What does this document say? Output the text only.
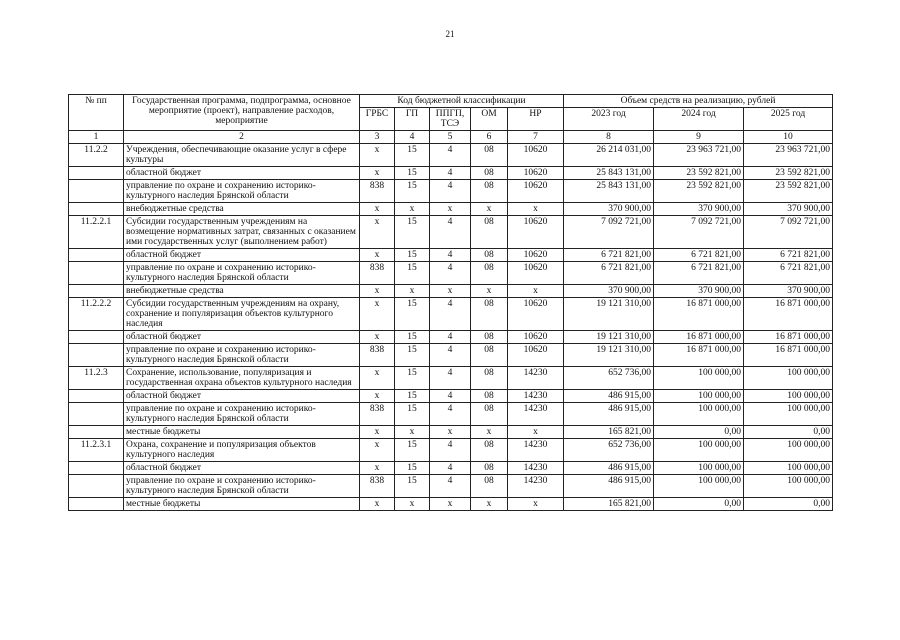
21
№ пп	Государственная программа, подпрограмма, основное мероприятие (проект), направление расходов, мероприятие	Код бюджетной классификации					Объем средств на реализацию, рублей		
		ГРБС	ГП	ППГП, ТСЭ	ОМ	НР	2023 год	2024 год	2025 год
1	2	3	4	5	6	7	8	9	10
11.2.2	Учреждения, обеспечивающие оказание услуг в сфере культуры	х	15	4	08	10620	26 214 031,00	23 963 721,00	23 963 721,00
	областной бюджет	х	15	4	08	10620	25 843 131,00	23 592 821,00	23 592 821,00
	управление по охране и сохранению историко-культурного наследия Брянской области	838	15	4	08	10620	25 843 131,00	23 592 821,00	23 592 821,00
	внебюджетные средства	х	х	х	х	х	370 900,00	370 900,00	370 900,00
11.2.2.1	Субсидии государственным учреждениям на возмещение нормативных затрат, связанных с оказанием ими государственных услуг (выполнением работ)	х	15	4	08	10620	7 092 721,00	7 092 721,00	7 092 721,00
	областной бюджет	х	15	4	08	10620	6 721 821,00	6 721 821,00	6 721 821,00
	управление по охране и сохранению историко-культурного наследия Брянской области	838	15	4	08	10620	6 721 821,00	6 721 821,00	6 721 821,00
	внебюджетные средства	х	х	х	х	х	370 900,00	370 900,00	370 900,00
11.2.2.2	Субсидии государственным учреждениям на охрану, сохранение и популяризация объектов культурного наследия	х	15	4	08	10620	19 121 310,00	16 871 000,00	16 871 000,00
	областной бюджет	х	15	4	08	10620	19 121 310,00	16 871 000,00	16 871 000,00
	управление по охране и сохранению историко-культурного наследия Брянской области	838	15	4	08	10620	19 121 310,00	16 871 000,00	16 871 000,00
11.2.3	Сохранение, использование, популяризация и государственная охрана объектов культурного наследия	х	15	4	08	14230	652 736,00	100 000,00	100 000,00
	областной бюджет	х	15	4	08	14230	486 915,00	100 000,00	100 000,00
	управление по охране и сохранению историко-культурного наследия Брянской области	838	15	4	08	14230	486 915,00	100 000,00	100 000,00
	местные бюджеты	х	х	х	х	х	165 821,00	0,00	0,00
11.2.3.1	Охрана, сохранение и популяризация объектов культурного наследия	х	15	4	08	14230	652 736,00	100 000,00	100 000,00
	областной бюджет	х	15	4	08	14230	486 915,00	100 000,00	100 000,00
	управление по охране и сохранению историко-культурного наследия Брянской области	838	15	4	08	14230	486 915,00	100 000,00	100 000,00
	местные бюджеты	х	х	х	х	х	165 821,00	0,00	0,00
